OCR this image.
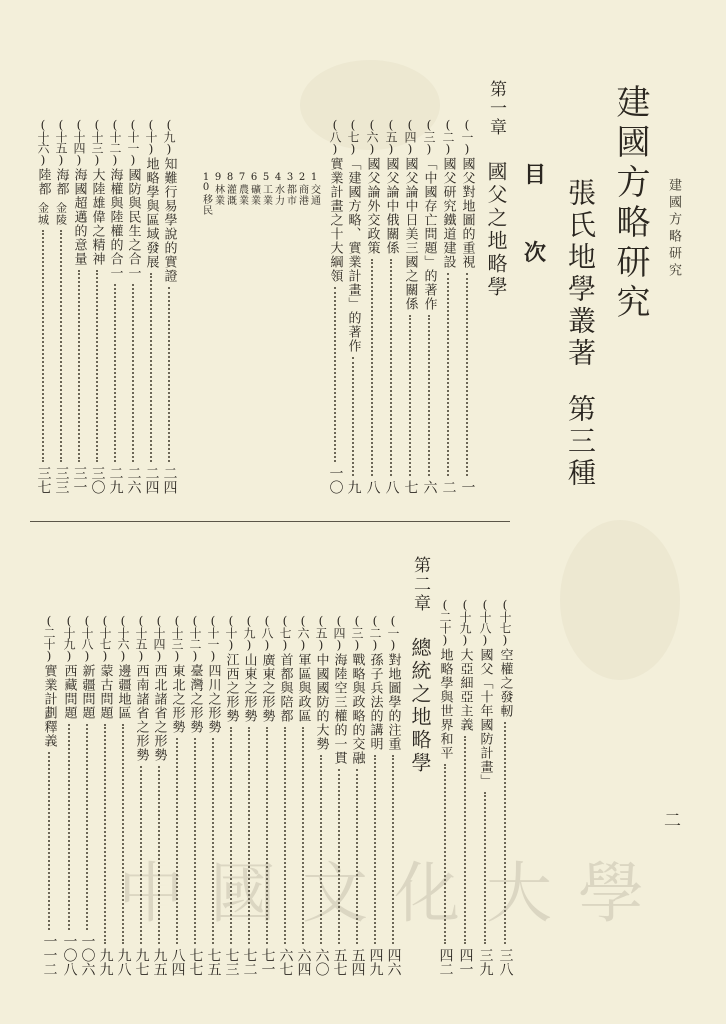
建國方略研究
二
建國方略研究
張氏地學叢著
第三種
目
次
第一章國父之地略學
第二章總統之地略學
中國文化大學
(一)
國父對地圖的重視
一
(二)
國父研究鐵道建設
二
(三)
「中國存亡問題」的著作
六
(四)
國父論中日美三國之關係
七
(五)
國父論中俄關係
八
(六)
國父論外交政策
八
(七)
「建國方略、實業計畫」的著作
九
(八)
實業計畫之十大綱領
一〇
1
交通
2
商港
3
都市
4
水力
5
工業
6
礦業
7
農業
8
灌溉
9
林業
10
移民
(九)
知難行易學說的實證
二四
(十)
地略學與區域發展
二四
(十一)
國防與民生之合一
二六
(十二)
海權與陸權的合一
二九
(十三)
大陸雄偉之精神
三〇
(十四)
海國超邁的意量
三一
(十五)
海都
金陵
三三
(十六)
陸都
金城
三七
(十七)
空權之發軔
三八
(十八)
國父「十年國防計畫」
三九
(十九)
大亞細亞主義
四一
(二十)
地略學與世界和平
四二
(一)
對地圖學的注重
四六
(二)
孫子兵法的講明
四九
(三)
戰略與政略的交融
五四
(四)
海陸空三權的一貫
五七
(五)
中國國防的大勢
六〇
(六)
軍區與政區
六四
(七)
首都與陪都
六七
(八)
廣東之形勢
七一
(九)
山東之形勢
七二
(十)
江西之形勢
七三
(十一)
四川之形勢
七五
(十二)
臺灣之形勢
七七
(十三)
東北之形勢
八四
(十四)
西北諸省之形勢
九五
(十五)
西南諸省之形勢
九七
(十六)
邊疆地區
九八
(十七)
蒙古問題
九九
(十八)
新疆問題
一〇六
(十九)
西藏問題
一〇八
(二十)
實業計劃釋義
一一二
